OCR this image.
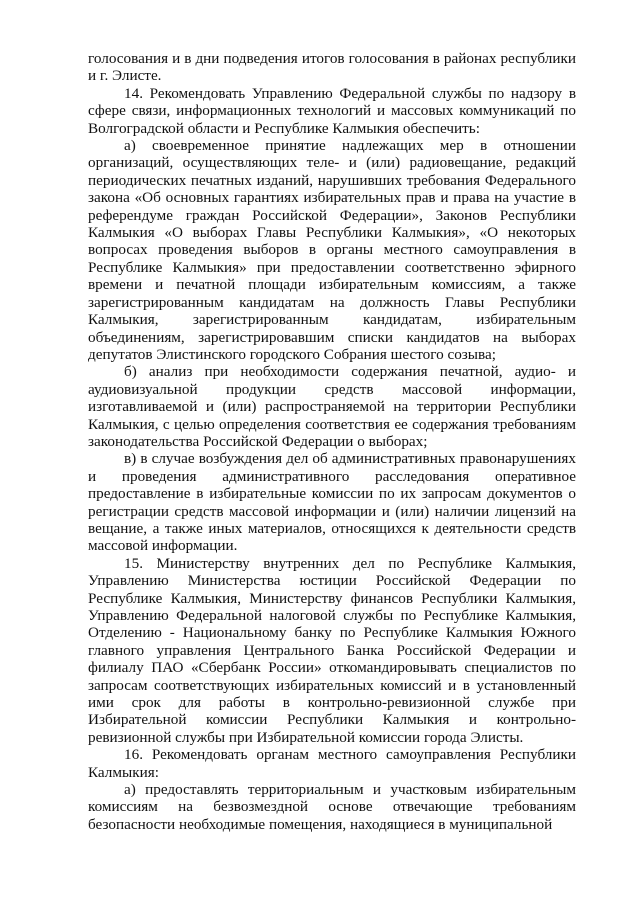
голосования и в дни подведения итогов голосования в районах республики и г. Элисте.

14. Рекомендовать Управлению Федеральной службы по надзору в сфере связи, информационных технологий и массовых коммуникаций по Волгоградской области и Республике Калмыкия обеспечить:

а) своевременное принятие надлежащих мер в отношении организаций, осуществляющих теле- и (или) радиовещание, редакций периодических печатных изданий, нарушивших требования Федерального закона «Об основных гарантиях избирательных прав и права на участие в референдуме граждан Российской Федерации», Законов Республики Калмыкия «О выборах Главы Республики Калмыкия», «О некоторых вопросах проведения выборов в органы местного самоуправления в Республике Калмыкия» при предоставлении соответственно эфирного времени и печатной площади избирательным комиссиям, а также зарегистрированным кандидатам на должность Главы Республики Калмыкия, зарегистрированным кандидатам, избирательным объединениям, зарегистрировавшим списки кандидатов на выборах депутатов Элистинского городского Собрания шестого созыва;

б) анализ при необходимости содержания печатной, аудио- и аудиовизуальной продукции средств массовой информации, изготавливаемой и (или) распространяемой на территории Республики Калмыкия, с целью определения соответствия ее содержания требованиям законодательства Российской Федерации о выборах;

в) в случае возбуждения дел об административных правонарушениях и проведения административного расследования оперативное предоставление в избирательные комиссии по их запросам документов о регистрации средств массовой информации и (или) наличии лицензий на вещание, а также иных материалов, относящихся к деятельности средств массовой информации.

15. Министерству внутренних дел по Республике Калмыкия, Управлению Министерства юстиции Российской Федерации по Республике Калмыкия, Министерству финансов Республики Калмыкия, Управлению Федеральной налоговой службы по Республике Калмыкия, Отделению - Национальному банку по Республике Калмыкия Южного главного управления Центрального Банка Российской Федерации и филиалу ПАО «Сбербанк России» откомандировывать специалистов по запросам соответствующих избирательных комиссий и в установленный ими срок для работы в контрольно-ревизионной службе при Избирательной комиссии Республики Калмыкия и контрольно-ревизионной службы при Избирательной комиссии города Элисты.

16. Рекомендовать органам местного самоуправления Республики Калмыкия:

а) предоставлять территориальным и участковым избирательным комиссиям на безвозмездной основе отвечающие требованиям безопасности необходимые помещения, находящиеся в муниципальной
